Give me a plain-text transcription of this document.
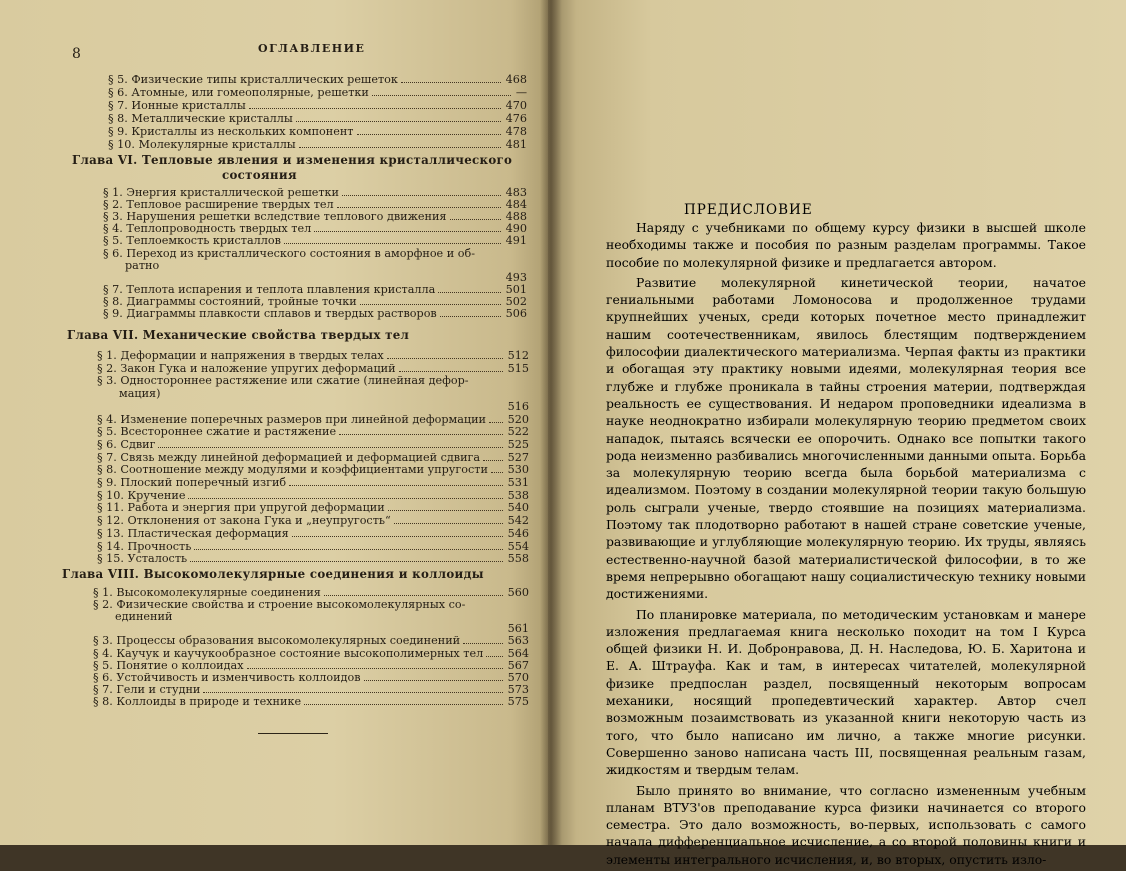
8	ОГЛАВЛЕНИЕ
§ 5. Физические типы кристаллических решеток	468
§ 6. Атомные, или гомеополярные, решетки	—
§ 7. Ионные кристаллы	470
§ 8. Металлические кристаллы	476
§ 9. Кристаллы из нескольких компонент	478
§ 10. Молекулярные кристаллы	481
Глава VI. Тепловые явления и изменения кристаллического
состояния
§ 1. Энергия кристаллической решетки	483
§ 2. Тепловое расширение твердых тел	484
§ 3. Нарушения решетки вследствие теплового движения	488
§ 4. Теплопроводность твердых тел	490
§ 5. Теплоемкость кристаллов	491
§ 6. Переход из кристаллического состояния в аморфное и об-
ратно
493
§ 7. Теплота испарения и теплота плавления кристалла	501
§ 8. Диаграммы состояний, тройные точки	502
§ 9. Диаграммы плавкости сплавов и твердых растворов	506
Глава VII. Механические свойства твердых тел
§ 1. Деформации и напряжения в твердых телах	512
§ 2. Закон Гука и наложение упругих деформаций	515
§ 3. Одностороннее растяжение или сжатие (линейная дефор-
мация)
516
§ 4. Изменение поперечных размеров при линейной деформации 520
§ 5. Всестороннее сжатие и растяжение	522
§ 6. Сдвиг	525
§ 7. Связь между линейной деформацией и деформацией сдвига 527
§ 8. Соотношение между модулями и коэффициентами упругости 530
§ 9. Плоский поперечный изгиб	531
§ 10. Кручение	538
§ 11. Работа и энергия при упругой деформации	540
§ 12. Отклонения от закона Гука и „неупругость“	542
§ 13. Пластическая деформация	546
§ 14. Прочность	554
§ 15. Усталость	558
Глава VIII. Высокомолекулярные соединения и коллоиды
§ 1. Высокомолекулярные соединения	560
§ 2. Физические свойства и строение высокомолекулярных со-
единений
561
§ 3. Процессы образования высокомолекулярных соединений	563
§ 4. Каучук и каучукообразное состояние высокополимерных тел 564
§ 5. Понятие о коллоидах	567
§ 6. Устойчивость и изменчивость коллоидов	570
§ 7. Гели и студни	573
§ 8. Коллоиды в природе и технике	575
ПРЕДИСЛОВИЕ

Наряду с учебниками по общему курсу физики в высшей школе необходимы также и пособия по разным разделам программы. Такое пособие по молекулярной физике и предлагается автором.

Развитие молекулярной кинетической теории, начатое гениальными работами Ломоносова и продолженное трудами крупнейших ученых, среди которых почетное место принадлежит нашим соотечественникам, явилось блестящим подтверждением философии диалектического материализма. Черпая факты из практики и обогащая эту практику новыми идеями, молекулярная теория все глубже и глубже проникала в тайны строения материи, подтверждая реальность ее существования. И недаром проповедники идеализма в науке неоднократно избирали молекулярную теорию предметом своих нападок, пытаясь всячески ее опорочить. Однако все попытки такого рода неизменно разбивались многочисленными данными опыта. Борьба за молекулярную теорию всегда была борьбой материализма с идеализмом. Поэтому в создании молекулярной теории такую большую роль сыграли ученые, твердо стоявшие на позициях материализма. Поэтому так плодотворно работают в нашей стране советские ученые, развивающие и углубляющие молекулярную теорию. Их труды, являясь естественно-научной базой материалистической философии, в то же время непрерывно обогащают нашу социалистическую технику новыми достижениями.

По планировке материала, по методическим установкам и манере изложения предлагаемая книга несколько походит на том I Курса общей физики Н. И. Добронравова, Д. Н. Наследова, Ю. Б. Харитона и Е. А. Штрауфа. Как и там, в интересах читателей, молекулярной физике предпослан раздел, посвященный некоторым вопросам механики, носящий пропедевтический характер. Автор счел возможным позаимствовать из указанной книги некоторую часть из того, что было написано им лично, а также многие рисунки. Совершенно заново написана часть III, посвященная реальным газам, жидкостям и твердым телам.

Было принято во внимание, что согласно измененным учебным планам ВТУЗ'ов преподавание курса физики начинается со второго семестра. Это дало возможность, во-первых, использовать с самого начала дифференциальное исчисление, а со второй половины книги и элементы интегрального исчисления, и, во вторых, опустить изло-
